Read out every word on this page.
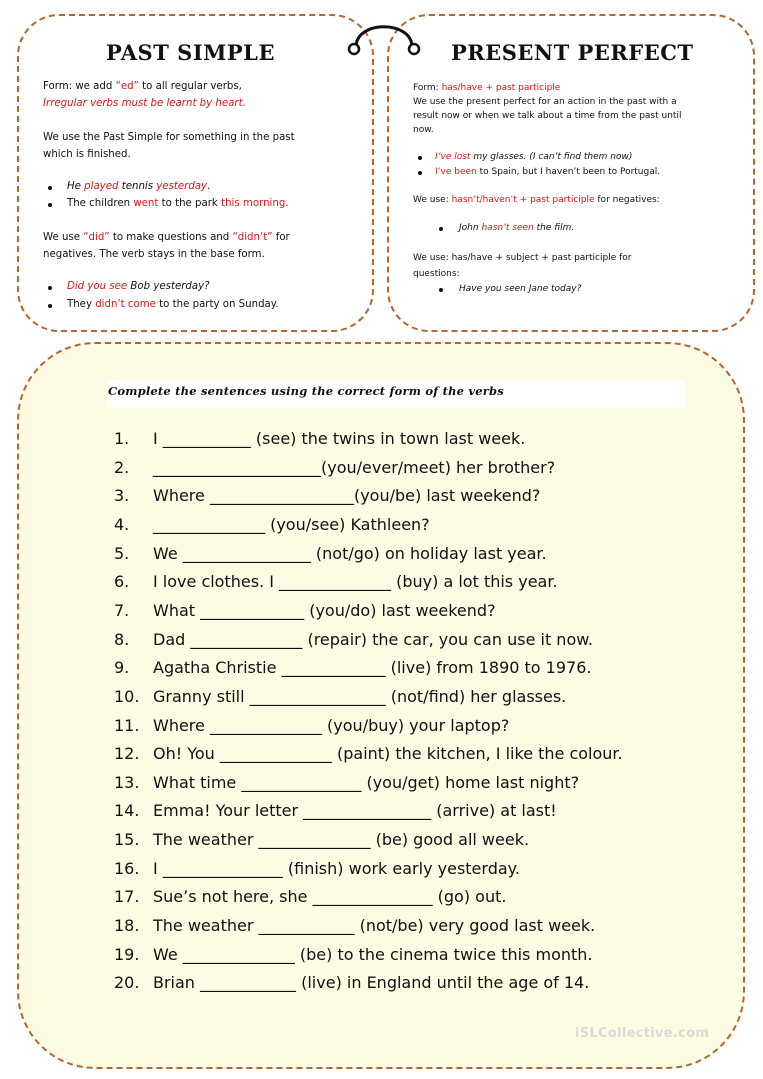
PAST SIMPLE
Form: we add “ed” to all regular verbs,
Irregular verbs must be learnt by heart.
We use the Past Simple for something in the past
which is finished.
He played tennis yesterday.
The children went to the park this morning.
We use “did” to make questions and “didn’t” for
negatives. The verb stays in the base form.
Did you see Bob yesterday?
They didn’t come to the party on Sunday.
PRESENT PERFECT
Form: has/have + past participle
We use the present perfect for an action in the past with a
result now or when we talk about a time from the past until
now.
I’ve lost my glasses. (I can’t find them now)
I’ve been to Spain, but I haven’t been to Portugal.
We use: hasn’t/haven’t + past participle for negatives:
John hasn’t seen the film.
We use: has/have + subject + past participle for
questions:
Have you seen Jane today?
Complete the sentences using the correct form of the verbs
1. I ___________ (see) the twins in town last week.
2. _____________________(you/ever/meet) her brother?
3. Where __________________(you/be) last weekend?
4. ______________ (you/see) Kathleen?
5. We ________________ (not/go) on holiday last year.
6. I love clothes. I ______________ (buy) a lot this year.
7. What _____________ (you/do) last weekend?
8. Dad ______________ (repair) the car, you can use it now.
9. Agatha Christie _____________ (live) from 1890 to 1976.
10. Granny still _________________ (not/find) her glasses.
11. Where ______________ (you/buy) your laptop?
12. Oh! You ______________ (paint) the kitchen, I like the colour.
13. What time _______________ (you/get) home last night?
14. Emma! Your letter ________________ (arrive) at last!
15. The weather ______________ (be) good all week.
16. I _______________ (finish) work early yesterday.
17. Sue’s not here, she _______________ (go) out.
18. The weather ____________ (not/be) very good last week.
19. We ______________ (be) to the cinema twice this month.
20. Brian ____________ (live) in England until the age of 14.
iSLCollective.com
